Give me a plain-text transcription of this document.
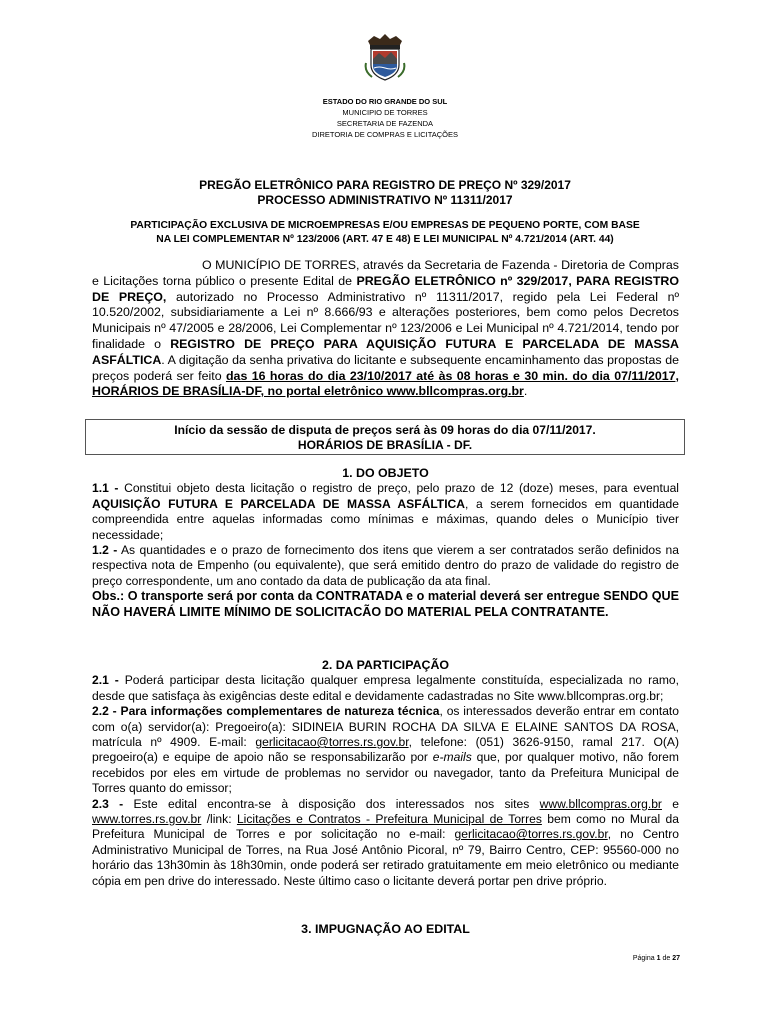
ESTADO DO RIO GRANDE DO SUL
MUNICIPIO DE TORRES
SECRETARIA DE FAZENDA
DIRETORIA DE COMPRAS E LICITAÇÕES
PREGÃO ELETRÔNICO PARA REGISTRO DE PREÇO Nº 329/2017
PROCESSO ADMINISTRATIVO Nº 11311/2017
PARTICIPAÇÃO EXCLUSIVA DE MICROEMPRESAS E/OU EMPRESAS DE PEQUENO PORTE, COM BASE
NA LEI COMPLEMENTAR Nº 123/2006 (ART. 47 E 48) E LEI MUNICIPAL Nº 4.721/2014 (ART. 44)
O MUNICÍPIO DE TORRES, através da Secretaria de Fazenda - Diretoria de Compras e Licitações torna público o presente Edital de PREGÃO ELETRÔNICO nº 329/2017, PARA REGISTRO DE PREÇO, autorizado no Processo Administrativo nº 11311/2017, regido pela Lei Federal nº 10.520/2002, subsidiariamente a Lei nº 8.666/93 e alterações posteriores, bem como pelos Decretos Municipais nº 47/2005 e 28/2006, Lei Complementar nº 123/2006 e Lei Municipal nº 4.721/2014, tendo por finalidade o REGISTRO DE PREÇO PARA AQUISIÇÃO FUTURA E PARCELADA DE MASSA ASFÁLTICA. A digitação da senha privativa do licitante e subsequente encaminhamento das propostas de preços poderá ser feito das 16 horas do dia 23/10/2017 até às 08 horas e 30 min. do dia 07/11/2017, HORÁRIOS DE BRASÍLIA-DF, no portal eletrônico www.bllcompras.org.br.
Início da sessão de disputa de preços será às 09 horas do dia 07/11/2017.
HORÁRIOS DE BRASÍLIA - DF.
1. DO OBJETO

1.1 - Constitui objeto desta licitação o registro de preço, pelo prazo de 12 (doze) meses, para eventual AQUISIÇÃO FUTURA E PARCELADA DE MASSA ASFÁLTICA, a serem fornecidos em quantidade compreendida entre aquelas informadas como mínimas e máximas, quando deles o Município tiver necessidade;

1.2 - As quantidades e o prazo de fornecimento dos itens que vierem a ser contratados serão definidos na respectiva nota de Empenho (ou equivalente), que será emitido dentro do prazo de validade do registro de preço correspondente, um ano contado da data de publicação da ata final.

Obs.: O transporte será por conta da CONTRATADA e o material deverá ser entregue SENDO QUE NÃO HAVERÁ LIMITE MÍNIMO DE SOLICITACÃO DO MATERIAL PELA CONTRATANTE.

2. DA PARTICIPAÇÃO

2.1 - Poderá participar desta licitação qualquer empresa legalmente constituída, especializada no ramo, desde que satisfaça às exigências deste edital e devidamente cadastradas no Site www.bllcompras.org.br;

2.2 - Para informações complementares de natureza técnica, os interessados deverão entrar em contato com o(a) servidor(a): Pregoeiro(a): SIDINEIA BURIN ROCHA DA SILVA E ELAINE SANTOS DA ROSA, matrícula nº 4909. E-mail: gerlicitacao@torres.rs.gov.br, telefone: (051) 3626-9150, ramal 217. O(A) pregoeiro(a) e equipe de apoio não se responsabilizarão por e-mails que, por qualquer motivo, não forem recebidos por eles em virtude de problemas no servidor ou navegador, tanto da Prefeitura Municipal de Torres quanto do emissor;

2.3 - Este edital encontra-se à disposição dos interessados nos sites www.bllcompras.org.br e www.torres.rs.gov.br /link: Licitações e Contratos - Prefeitura Municipal de Torres bem como no Mural da Prefeitura Municipal de Torres e por solicitação no e-mail: gerlicitacao@torres.rs.gov.br, no Centro Administrativo Municipal de Torres, na Rua José Antônio Picoral, nº 79, Bairro Centro, CEP: 95560-000 no horário das 13h30min às 18h30min, onde poderá ser retirado gratuitamente em meio eletrônico ou mediante cópia em pen drive do interessado. Neste último caso o licitante deverá portar pen drive próprio.

3. IMPUGNAÇÃO AO EDITAL
Página 1 de 27
